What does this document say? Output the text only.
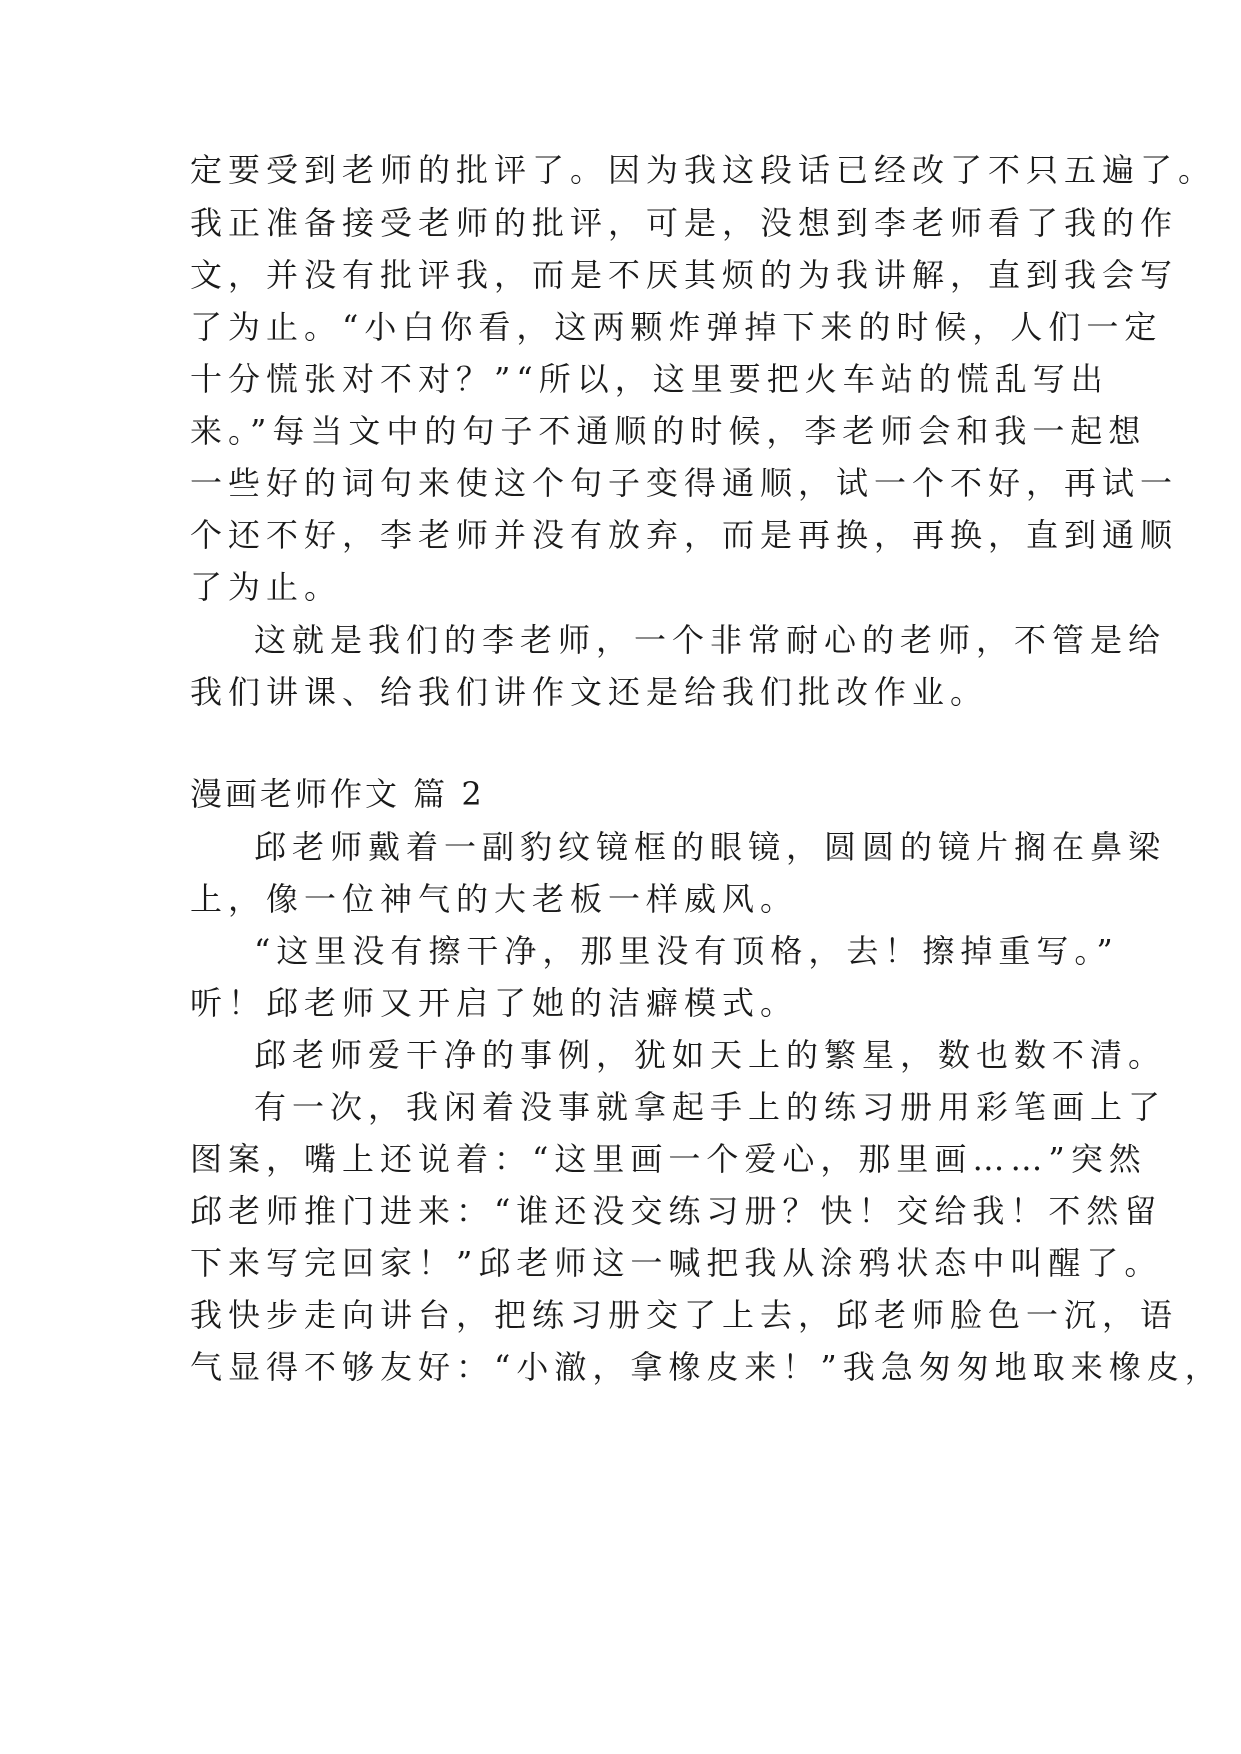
定要受到老师的批评了。因为我这段话已经改了不只五遍了。
我正准备接受老师的批评，可是，没想到李老师看了我的作
文，并没有批评我，而是不厌其烦的为我讲解，直到我会写
了为止。“小白你看，这两颗炸弹掉下来的时候，人们一定
十分慌张对不对？”“所以，这里要把火车站的慌乱写出
来。”每当文中的句子不通顺的时候，李老师会和我一起想
一些好的词句来使这个句子变得通顺，试一个不好，再试一
个还不好，李老师并没有放弃，而是再换，再换，直到通顺
了为止。
这就是我们的李老师，一个非常耐心的老师，不管是给
我们讲课、给我们讲作文还是给我们批改作业。
漫画老师作文 篇 2
邱老师戴着一副豹纹镜框的眼镜，圆圆的镜片搁在鼻梁
上，像一位神气的大老板一样威风。
“这里没有擦干净，那里没有顶格，去！擦掉重写。”
听！邱老师又开启了她的洁癖模式。
邱老师爱干净的事例，犹如天上的繁星，数也数不清。
有一次，我闲着没事就拿起手上的练习册用彩笔画上了
图案，嘴上还说着：“这里画一个爱心，那里画……”突然
邱老师推门进来：“谁还没交练习册？快！交给我！不然留
下来写完回家！”邱老师这一喊把我从涂鸦状态中叫醒了。
我快步走向讲台，把练习册交了上去，邱老师脸色一沉，语
气显得不够友好：“小澈，拿橡皮来！”我急匆匆地取来橡皮，
